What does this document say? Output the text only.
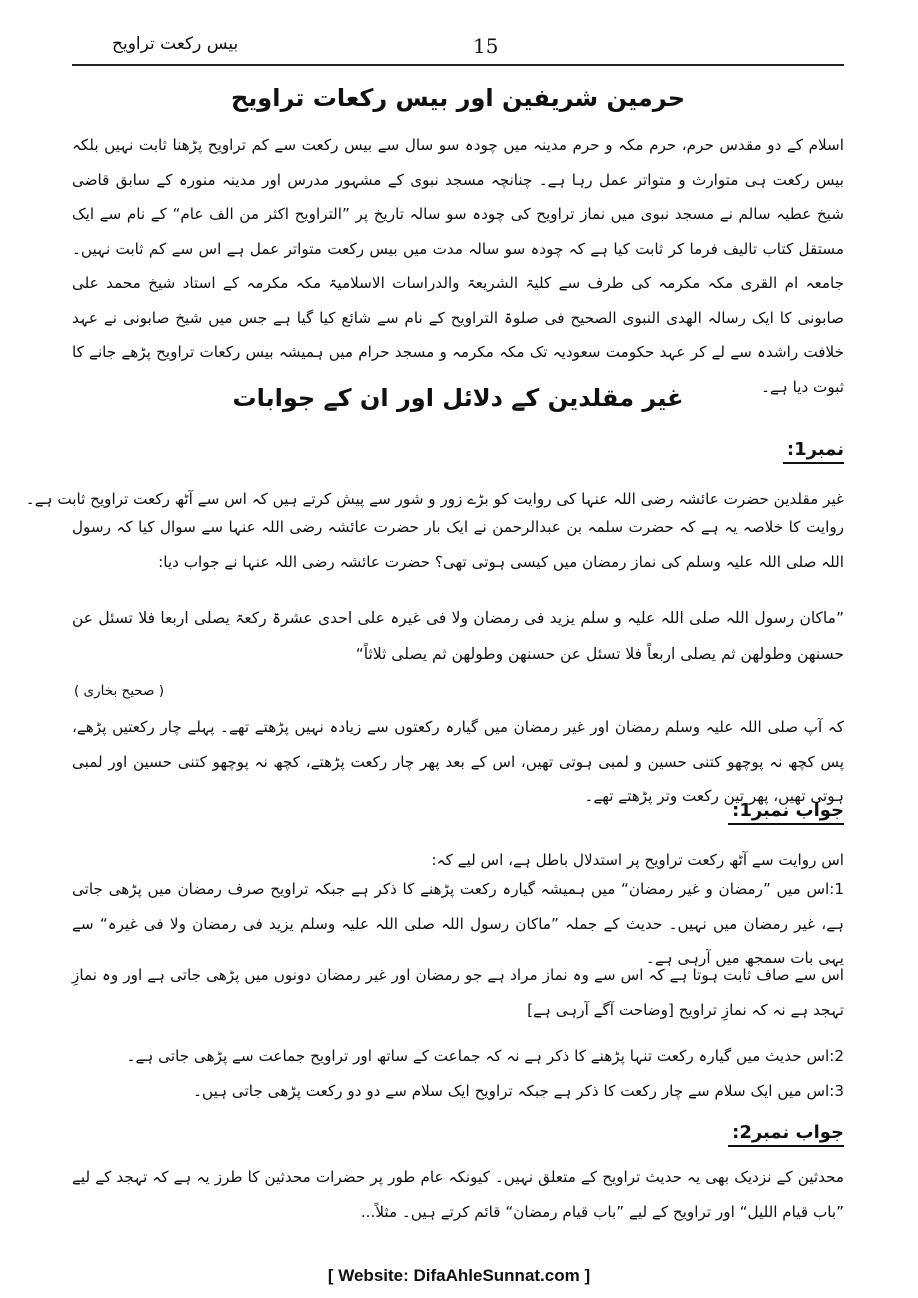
بیس رکعت تراویح	15
حرمین شریفین اور بیس رکعات تراویح

اسلام کے دو مقدس حرم، حرم مکہ و حرم مدینہ میں چودہ سو سال سے بیس رکعت سے کم تراویح پڑھنا ثابت نہیں بلکہ بیس رکعت ہی متوارث و متواتر عمل رہا ہے۔ چنانچہ مسجد نبوی کے مشہور مدرس اور مدینہ منورہ کے سابق قاضی شیخ عطیہ سالم نے مسجد نبوی میں نماز تراویح کی چودہ سو سالہ تاریخ پر ”التراویح اکثر من الف عام“ کے نام سے ایک مستقل کتاب تالیف فرما کر ثابت کیا ہے کہ چودہ سو سالہ مدت میں بیس رکعت متواتر عمل ہے اس سے کم ثابت نہیں۔ جامعہ ام القری مکہ مکرمہ کی طرف سے کلیۃ الشریعۃ والدراسات الاسلامیۃ مکہ مکرمہ کے استاد شیخ محمد علی صابونی کا ایک رسالہ الھدی النبوی الصحیح فی صلوۃ التراویح کے نام سے شائع کیا گیا ہے جس میں شیخ صابونی نے عہد خلافت راشدہ سے لے کر عہد حکومت سعودیہ تک مکہ مکرمہ و مسجد حرام میں ہمیشہ بیس رکعات تراویح پڑھے جانے کا ثبوت دیا ہے۔

غیر مقلدین کے دلائل اور ان کے جوابات
نمبر1:
غیر مقلدین حضرت عائشہ رضی اللہ عنہا کی روایت کو بڑے زور و شور سے پیش کرتے ہیں کہ اس سے آٹھ رکعت تراویح ثابت ہے۔

روایت کا خلاصہ یہ ہے کہ حضرت سلمہ بن عبدالرحمن نے ایک بار حضرت عائشہ رضی اللہ عنہا سے سوال کیا کہ رسول اللہ صلی اللہ علیہ وسلم کی نماز رمضان میں کیسی ہوتی تھی؟ حضرت عائشہ رضی اللہ عنہا نے جواب دیا:

”ماکان رسول اللہ صلی اللہ علیہ و سلم یزید فی رمضان ولا فی غیرہ علی احدی عشرۃ رکعۃ یصلی اربعا فلا تسئل عن حسنھن وطولھن ثم یصلی اربعاً فلا تسئل عن حسنھن وطولھن ثم یصلی ثلاثاً“

( صحیح بخاری )

کہ آپ صلی اللہ علیہ وسلم رمضان اور غیر رمضان میں گیارہ رکعتوں سے زیادہ نہیں پڑھتے تھے۔ پہلے چار رکعتیں پڑھے، پس کچھ نہ پوچھو کتنی حسین و لمبی ہوتی تھیں، اس کے بعد پھر چار رکعت پڑھتے، کچھ نہ پوچھو کتنی حسین اور لمبی ہوتی تھیں، پھر تین رکعت وتر پڑھتے تھے۔

جواب نمبر1:
اس روایت سے آٹھ رکعت تراویح پر استدلال باطل ہے، اس لیے کہ:

1:اس میں ”رمضان و غیر رمضان“ میں ہمیشہ گیارہ رکعت پڑھنے کا ذکر ہے جبکہ تراویح صرف رمضان میں پڑھی جاتی ہے، غیر رمضان میں نہیں۔ حدیث کے جملہ ”ماکان رسول اللہ صلی اللہ علیہ وسلم یزید فی رمضان ولا فی غیرہ“ سے یہی بات سمجھ میں آرہی ہے۔

اس سے صاف ثابت ہوتا ہے کہ اس سے وہ نماز مراد ہے جو رمضان اور غیر رمضان دونوں میں پڑھی جاتی ہے اور وہ نمازِ تہجد ہے نہ کہ نمازِ تراویح [وضاحت آگے آرہی ہے]

2:اس حدیث میں گیارہ رکعت تنہا پڑھنے کا ذکر ہے نہ کہ جماعت کے ساتھ اور تراویح جماعت سے پڑھی جاتی ہے۔
3:اس میں ایک سلام سے چار رکعت کا ذکر ہے جبکہ تراویح ایک سلام سے دو دو رکعت پڑھی جاتی ہیں۔
جواب نمبر2:

محدثین کے نزدیک بھی یہ حدیث تراویح کے متعلق نہیں۔ کیونکہ عام طور پر حضرات محدثین کا طرز یہ ہے کہ تہجد کے لیے ”باب قیام اللیل“ اور تراویح کے لیے ”باب قیام رمضان“ قائم کرتے ہیں۔ مثلاً...

[ Website: DifaAhleSunnat.com ]
